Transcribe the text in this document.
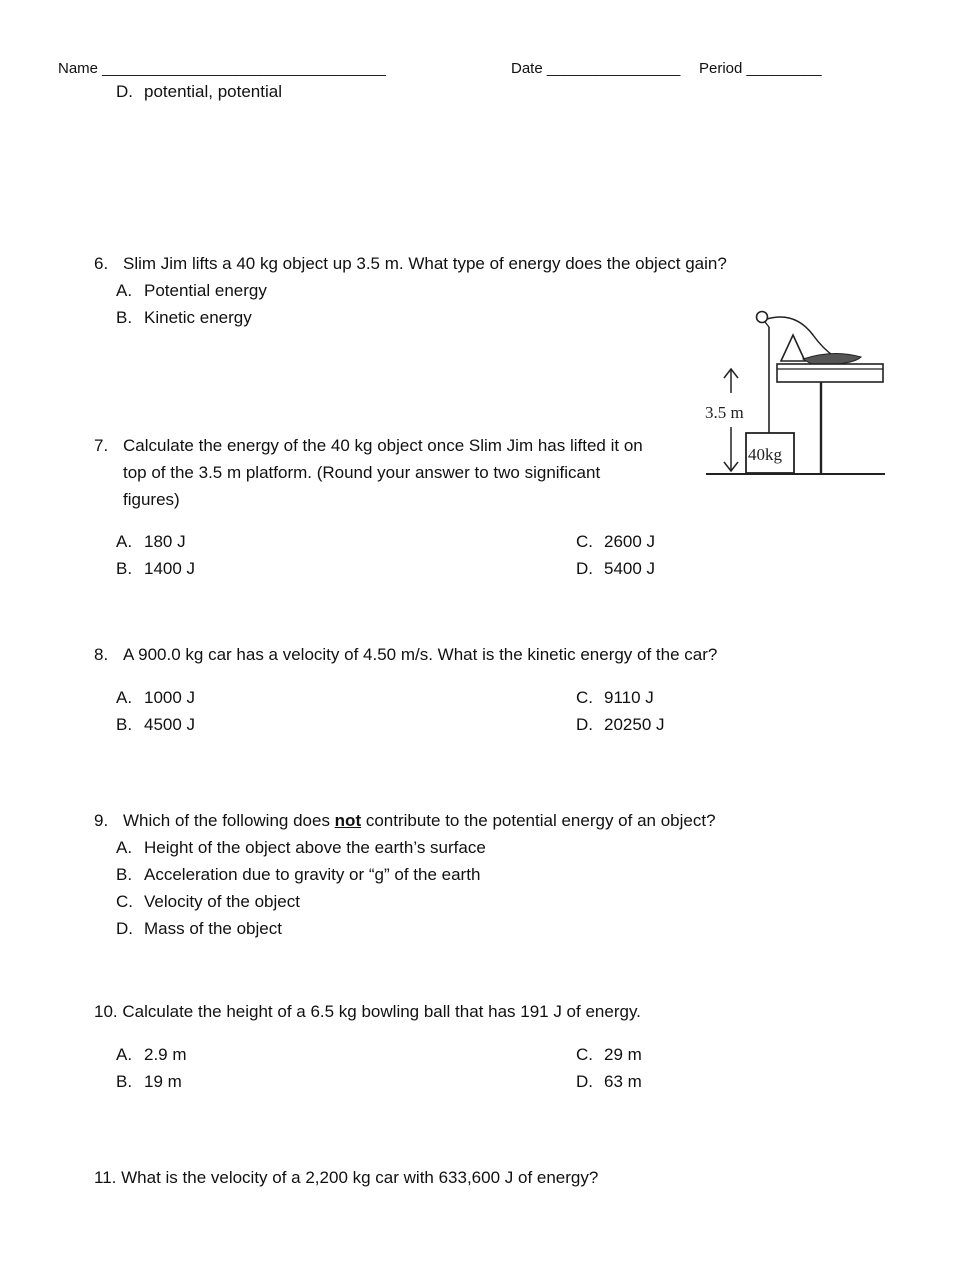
Name __________________________________	Date ________________ Period _________
D. potential, potential
6. Slim Jim lifts a 40 kg object up 3.5 m. What type of energy does the object gain?
A. Potential energy
B. Kinetic energy
3.5 m
40kg
7. Calculate the energy of the 40 kg object once Slim Jim has lifted it on
top of the 3.5 m platform. (Round your answer to two significant
figures)
A. 180 J
B. 1400 J
C. 2600 J
D. 5400 J
8. A 900.0 kg car has a velocity of 4.50 m/s. What is the kinetic energy of the car?
A. 1000 J
B. 4500 J
C. 9110 J
D. 20250 J
9. Which of the following does not contribute to the potential energy of an object?
A. Height of the object above the earth’s surface
B. Acceleration due to gravity or “g” of the earth
C. Velocity of the object
D. Mass of the object
10. Calculate the height of a 6.5 kg bowling ball that has 191 J of energy.
A. 2.9 m
B. 19 m
C. 29 m
D. 63 m
11. What is the velocity of a 2,200 kg car with 633,600 J of energy?
